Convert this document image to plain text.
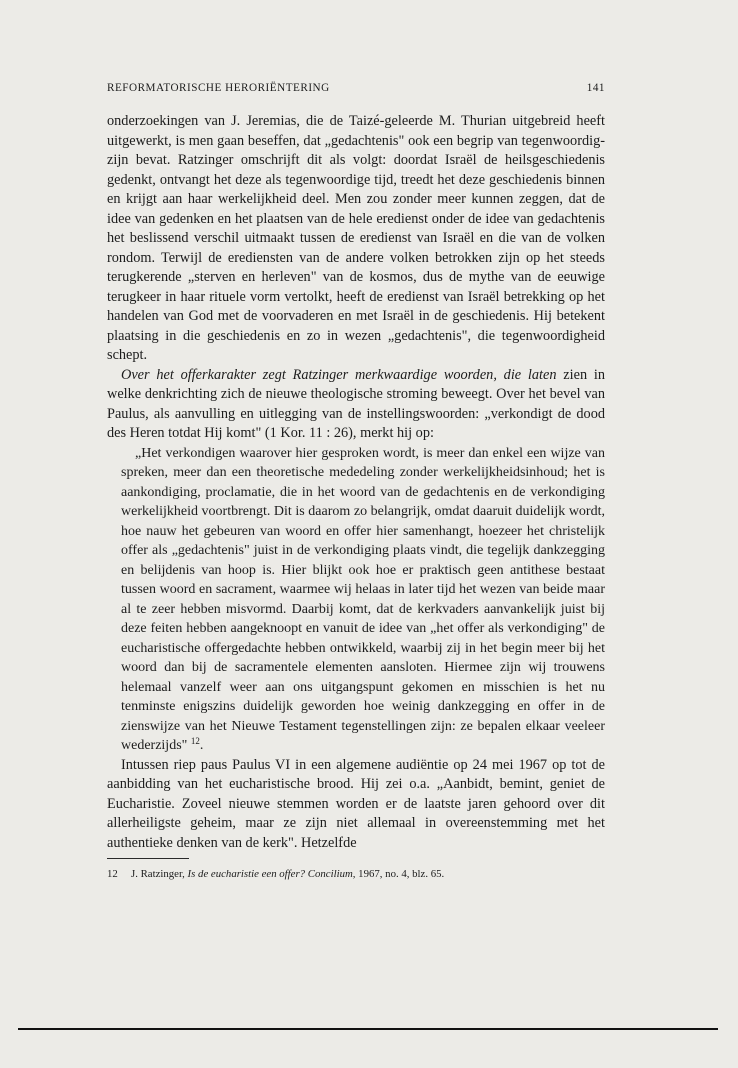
REFORMATORISCHE HERORIËNTERING	141

onderzoekingen van J. Jeremias, die de Taizé-geleerde M. Thurian uitgebreid heeft uitgewerkt, is men gaan beseffen, dat „gedachtenis" ook een begrip van tegenwoordig-zijn bevat. Ratzinger omschrijft dit als volgt: doordat Israël de heilsgeschiedenis gedenkt, ontvangt het deze als tegenwoordige tijd, treedt het deze geschiedenis binnen en krijgt aan haar werkelijkheid deel. Men zou zonder meer kunnen zeggen, dat de idee van gedenken en het plaatsen van de hele eredienst onder de idee van gedachtenis het beslissend verschil uitmaakt tussen de eredienst van Israël en die van de volken rondom. Terwijl de erediensten van de andere volken betrokken zijn op het steeds terugkerende „sterven en herleven" van de kosmos, dus de mythe van de eeuwige terugkeer in haar rituele vorm vertolkt, heeft de eredienst van Israël betrekking op het handelen van God met de voorvaderen en met Israël in de geschiedenis. Hij betekent plaatsing in die geschiedenis en zo in wezen „gedachtenis", die tegenwoordigheid schept.

Over het offerkarakter zegt Ratzinger merkwaardige woorden, die laten zien in welke denkrichting zich de nieuwe theologische stroming beweegt. Over het bevel van Paulus, als aanvulling en uitlegging van de instellingswoorden: „verkondigt de dood des Heren totdat Hij komt" (1 Kor. 11 : 26), merkt hij op:

„Het verkondigen waarover hier gesproken wordt, is meer dan enkel een wijze van spreken, meer dan een theoretische mededeling zonder werkelijkheidsinhoud; het is aankondiging, proclamatie, die in het woord van de gedachtenis en de verkondiging werkelijkheid voortbrengt. Dit is daarom zo belangrijk, omdat daaruit duidelijk wordt, hoe nauw het gebeuren van woord en offer hier samenhangt, hoezeer het christelijk offer als „gedachtenis" juist in de verkondiging plaats vindt, die tegelijk dankzegging en belijdenis van hoop is. Hier blijkt ook hoe er praktisch geen antithese bestaat tussen woord en sacrament, waarmee wij helaas in later tijd het wezen van beide maar al te zeer hebben misvormd. Daarbij komt, dat de kerkvaders aanvankelijk juist bij deze feiten hebben aangeknoopt en vanuit de idee van „het offer als verkondiging" de eucharistische offergedachte hebben ontwikkeld, waarbij zij in het begin meer bij het woord dan bij de sacramentele elementen aansloten. Hiermee zijn wij trouwens helemaal vanzelf weer aan ons uitgangspunt gekomen en misschien is het nu tenminste enigszins duidelijk geworden hoe weinig dankzegging en offer in de zienswijze van het Nieuwe Testament tegenstellingen zijn: ze bepalen elkaar veeleer wederzijds" $^{12}$.

Intussen riep paus Paulus VI in een algemene audiëntie op 24 mei 1967 op tot de aanbidding van het eucharistische brood. Hij zei o.a. „Aanbidt, bemint, geniet de Eucharistie. Zoveel nieuwe stemmen worden er de laatste jaren gehoord over dit allerheiligste geheim, maar ze zijn niet allemaal in overeenstemming met het authentieke denken van de kerk". Hetzelfde

12 J. Ratzinger, Is de eucharistie een offer? Concilium, 1967, no. 4, blz. 65.
